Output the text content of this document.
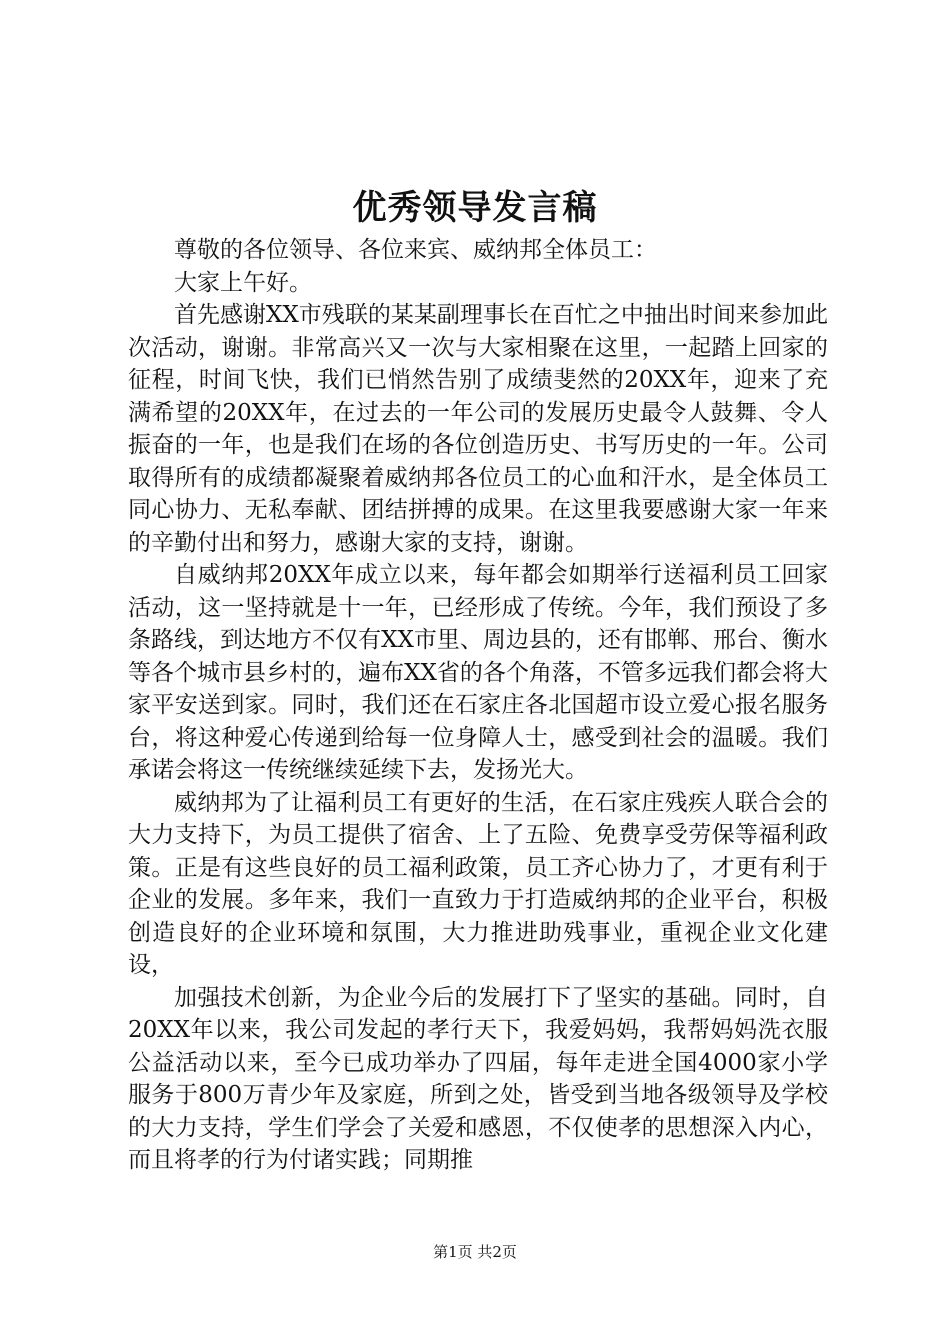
优秀领导发言稿

尊敬的各位领导、各位来宾、威纳邦全体员工：

大家上午好。

首先感谢XX市残联的某某副理事长在百忙之中抽出时间来参加此次活动，谢谢。非常高兴又一次与大家相聚在这里，一起踏上回家的征程，时间飞快，我们已悄然告别了成绩斐然的20XX年，迎来了充满希望的20XX年，在过去的一年公司的发展历史最令人鼓舞、令人振奋的一年，也是我们在场的各位创造历史、书写历史的一年。公司取得所有的成绩都凝聚着威纳邦各位员工的心血和汗水，是全体员工同心协力、无私奉献、团结拼搏的成果。在这里我要感谢大家一年来的辛勤付出和努力，感谢大家的支持，谢谢。

自威纳邦20XX年成立以来，每年都会如期举行送福利员工回家活动，这一坚持就是十一年，已经形成了传统。今年，我们预设了多条路线，到达地方不仅有XX市里、周边县的，还有邯郸、邢台、衡水等各个城市县乡村的，遍布XX省的各个角落，不管多远我们都会将大家平安送到家。同时，我们还在石家庄各北国超市设立爱心报名服务台，将这种爱心传递到给每一位身障人士，感受到社会的温暖。我们承诺会将这一传统继续延续下去，发扬光大。

威纳邦为了让福利员工有更好的生活，在石家庄残疾人联合会的大力支持下，为员工提供了宿舍、上了五险、免费享受劳保等福利政策。正是有这些良好的员工福利政策，员工齐心协力了，才更有利于企业的发展。多年来，我们一直致力于打造威纳邦的企业平台，积极创造良好的企业环境和氛围，大力推进助残事业，重视企业文化建设，

加强技术创新，为企业今后的发展打下了坚实的基础。同时，自20XX年以来，我公司发起的孝行天下，我爱妈妈，我帮妈妈洗衣服公益活动以来，至今已成功举办了四届，每年走进全国4000家小学服务于800万青少年及家庭，所到之处，皆受到当地各级领导及学校的大力支持，学生们学会了关爱和感恩，不仅使孝的思想深入内心，而且将孝的行为付诸实践；同期推

第1页 共2页
